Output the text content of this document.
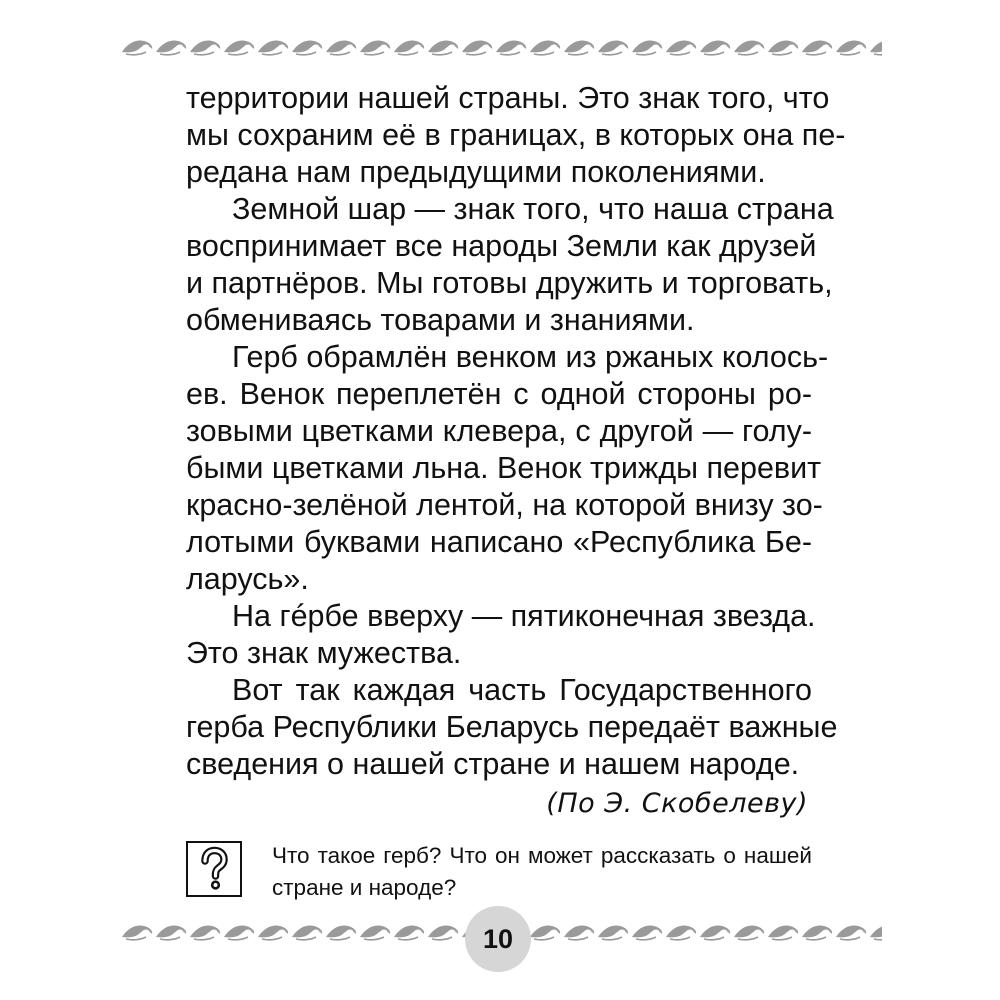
территории нашей страны. Это знак того, что
мы сохраним её в границах, в которых она пе-
редана нам предыдущими поколениями.

Земной шар — знак того, что наша страна
воспринимает все народы Земли как друзей
и партнёров. Мы готовы дружить и торговать,
обмениваясь товарами и знаниями.

Герб обрамлён венком из ржаных колось-
ев. Венок переплетён с одной стороны ро-
зовыми цветками клевера, с другой — голу-
быми цветками льна. Венок трижды перевит
красно-зелёной лентой, на которой внизу зо-
лотыми буквами написано «Республика Бе-
ларусь».

На гéрбе вверху — пятиконечная звезда.
Это знак мужества.

Вот так каждая часть Государственного
герба Республики Беларусь передаёт важные
сведения о нашей стране и нашем народе.

(По Э. Скобелеву)

Что такое герб? Что он может рассказать о нашей
стране и народе?
10
